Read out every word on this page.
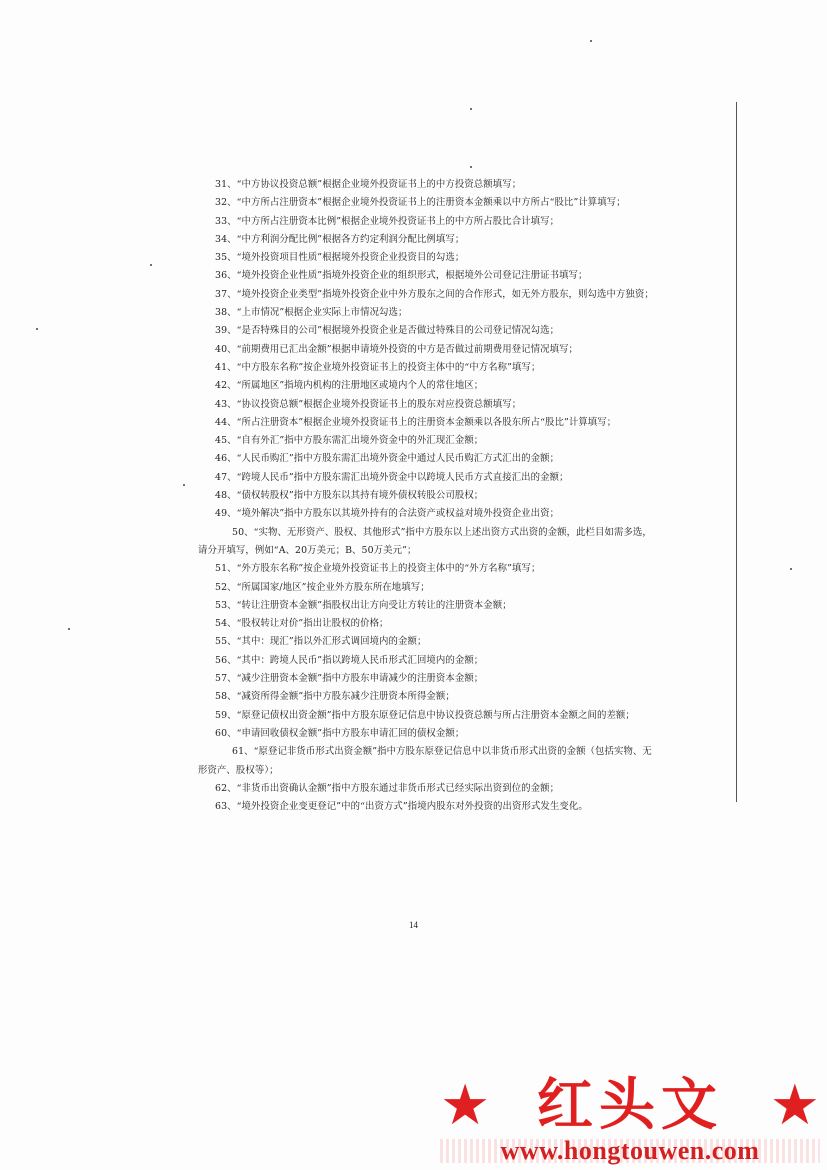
31、“中方协议投资总额”根据企业境外投资证书上的中方投资总额填写；
32、“中方所占注册资本”根据企业境外投资证书上的注册资本金额乘以中方所占“股比”计算填写；
33、“中方所占注册资本比例”根据企业境外投资证书上的中方所占股比合计填写；
34、“中方利润分配比例”根据各方约定利润分配比例填写；
35、“境外投资项目性质”根据境外投资企业投资目的勾选；
36、“境外投资企业性质”指境外投资企业的组织形式，根据境外公司登记注册证书填写；
37、“境外投资企业类型”指境外投资企业中外方股东之间的合作形式，如无外方股东，则勾选中方独资；
38、“上市情况”根据企业实际上市情况勾选；
39、“是否特殊目的公司”根据境外投资企业是否做过特殊目的公司登记情况勾选；
40、“前期费用已汇出金额”根据申请境外投资的中方是否做过前期费用登记情况填写；
41、“中方股东名称”按企业境外投资证书上的投资主体中的“中方名称”填写；
42、“所属地区”指境内机构的注册地区或境内个人的常住地区；
43、“协议投资总额”根据企业境外投资证书上的股东对应投资总额填写；
44、“所占注册资本”根据企业境外投资证书上的注册资本金额乘以各股东所占“股比”计算填写；
45、“自有外汇”指中方股东需汇出境外资金中的外汇现汇金额；
46、“人民币购汇”指中方股东需汇出境外资金中通过人民币购汇方式汇出的金额；
47、“跨境人民币”指中方股东需汇出境外资金中以跨境人民币方式直接汇出的金额；
48、“债权转股权”指中方股东以其持有境外债权转股公司股权；
49、“境外解决”指中方股东以其境外持有的合法资产或权益对境外投资企业出资；
50、“实物、无形资产、股权、其他形式”指中方股东以上述出资方式出资的金额，此栏目如需多选，请分开填写，例如“A、20万美元；B、50万美元”；
51、“外方股东名称”按企业境外投资证书上的投资主体中的“外方名称”填写；
52、“所属国家/地区”按企业外方股东所在地填写；
53、“转让注册资本金额”指股权出让方向受让方转让的注册资本金额；
54、“股权转让对价”指出让股权的价格；
55、“其中：现汇”指以外汇形式调回境内的金额；
56、“其中：跨境人民币”指以跨境人民币形式汇回境内的金额；
57、“减少注册资本金额”指中方股东申请减少的注册资本金额；
58、“减资所得金额”指中方股东减少注册资本所得金额；
59、“原登记债权出资金额”指中方股东原登记信息中协议投资总额与所占注册资本金额之间的差额；
60、“申请回收债权金额”指中方股东申请汇回的债权金额；
61、“原登记非货币形式出资金额”指中方股东原登记信息中以非货币形式出资的金额（包括实物、无形资产、股权等）；
62、“非货币出资确认金额”指中方股东通过非货币形式已经实际出资到位的金额；
63、“境外投资企业变更登记”中的“出资方式”指境内股东对外投资的出资形式发生变化。
14
★ 红头文 ★
www.hongtouwen.com
